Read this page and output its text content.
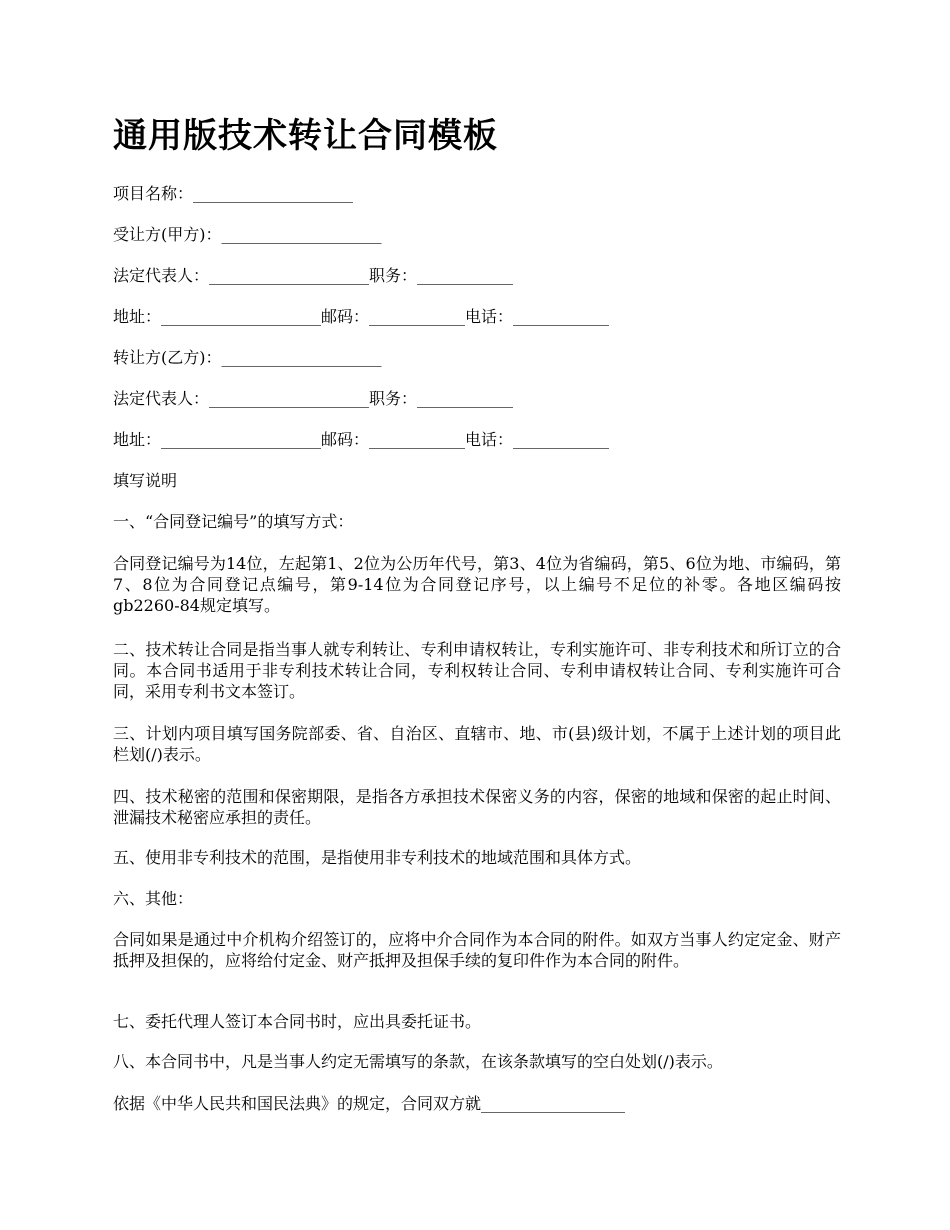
通用版技术转让合同模板

项目名称：____________________

受让方(甲方)：____________________

法定代表人：____________________职务：____________

地址：____________________邮码：____________电话：____________

转让方(乙方)：____________________

法定代表人：____________________职务：____________

地址：____________________邮码：____________电话：____________

填写说明

一、“合同登记编号”的填写方式：

合同登记编号为14位，左起第1、2位为公历年代号，第3、4位为省编码，第5、6位为地、市编码，第7、8位为合同登记点编号，第9-14位为合同登记序号，以上编号不足位的补零。各地区编码按gb2260-84规定填写。

二、技术转让合同是指当事人就专利转让、专利申请权转让，专利实施许可、非专利技术和所订立的合同。本合同书适用于非专利技术转让合同，专利权转让合同、专利申请权转让合同、专利实施许可合同，采用专利书文本签订。

三、计划内项目填写国务院部委、省、自治区、直辖市、地、市(县)级计划，不属于上述计划的项目此栏划(/)表示。

四、技术秘密的范围和保密期限，是指各方承担技术保密义务的内容，保密的地域和保密的起止时间、泄漏技术秘密应承担的责任。

五、使用非专利技术的范围，是指使用非专利技术的地域范围和具体方式。

六、其他：

合同如果是通过中介机构介绍签订的，应将中介合同作为本合同的附件。如双方当事人约定定金、财产抵押及担保的，应将给付定金、财产抵押及担保手续的复印件作为本合同的附件。

七、委托代理人签订本合同书时，应出具委托证书。

八、本合同书中，凡是当事人约定无需填写的条款，在该条款填写的空白处划(/)表示。

依据《中华人民共和国民法典》的规定，合同双方就__________________
